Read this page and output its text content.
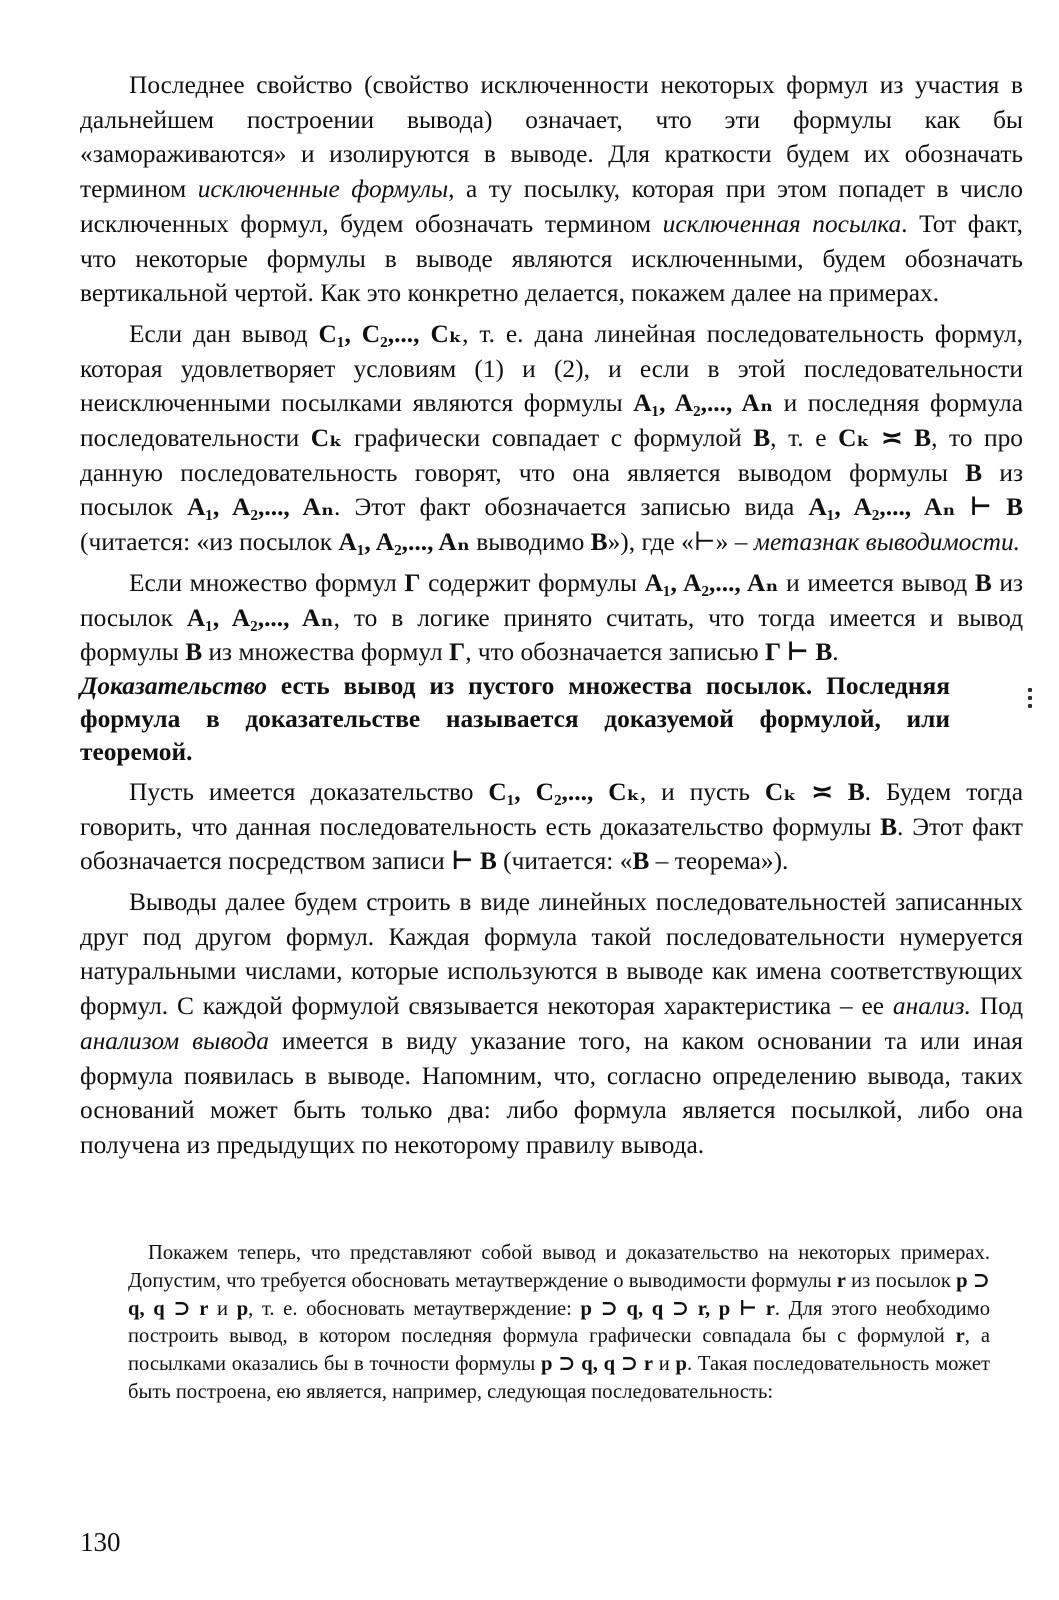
Последнее свойство (свойство исключенности некоторых формул из участия в дальнейшем построении вывода) означает, что эти формулы как бы «замораживаются» и изолируются в выводе. Для краткости будем их обозначать термином исключенные формулы, а ту посылку, которая при этом попадет в число исключенных формул, будем обозначать термином исключенная посылка. Тот факт, что некоторые формулы в выводе являются исключенными, будем обозначать вертикальной чертой. Как это конкретно делается, покажем далее на примерах.

Если дан вывод C₁, C₂,..., Cₖ, т. е. дана линейная последовательность формул, которая удовлетворяет условиям (1) и (2), и если в этой последовательности неисключенными посылками являются формулы A₁, A₂,..., Aₙ и последняя формула последовательности Cₖ графически совпадает с формулой B, т. е Cₖ ≍ B, то про данную последовательность говорят, что она является выводом формулы B из посылок A₁, A₂,..., Aₙ. Этот факт обозначается записью вида A₁, A₂,..., Aₙ ⊢ B (читается: «из посылок A₁, A₂,..., Aₙ выводимо B»), где «⊢» – метазнак выводимости.

Если множество формул Γ содержит формулы A₁, A₂,..., Aₙ и имеется вывод B из посылок A₁, A₂,..., Aₙ, то в логике принято считать, что тогда имеется и вывод формулы B из множества формул Γ, что обозначается записью Γ ⊢ B.

Доказательство есть вывод из пустого множества посылок. Последняя формула в доказательстве называется доказуемой формулой, или теоремой.

Пусть имеется доказательство C₁, C₂,..., Cₖ, и пусть Cₖ ≍ B. Будем тогда говорить, что данная последовательность есть доказательство формулы B. Этот факт обозначается посредством записи ⊢ B (читается: «B – теорема»).

Выводы далее будем строить в виде линейных последовательностей записанных друг под другом формул. Каждая формула такой последовательности нумеруется натуральными числами, которые используются в выводе как имена соответствующих формул. С каждой формулой связывается некоторая характеристика – ее анализ. Под анализом вывода имеется в виду указание того, на каком основании та или иная формула появилась в выводе. Напомним, что, согласно определению вывода, таких оснований может быть только два: либо формула является посылкой, либо она получена из предыдущих по некоторому правилу вывода.

Покажем теперь, что представляют собой вывод и доказательство на некоторых примерах. Допустим, что требуется обосновать метаутверждение о выводимости формулы r из посылок p ⊃ q, q ⊃ r и p, т. е. обосновать метаутверждение: p ⊃ q, q ⊃ r, p ⊢ r. Для этого необходимо построить вывод, в котором последняя формула графически совпадала бы с формулой r, а посылками оказались бы в точности формулы p ⊃ q, q ⊃ r и p. Такая последовательность может быть построена, ею является, например, следующая последовательность:

130
